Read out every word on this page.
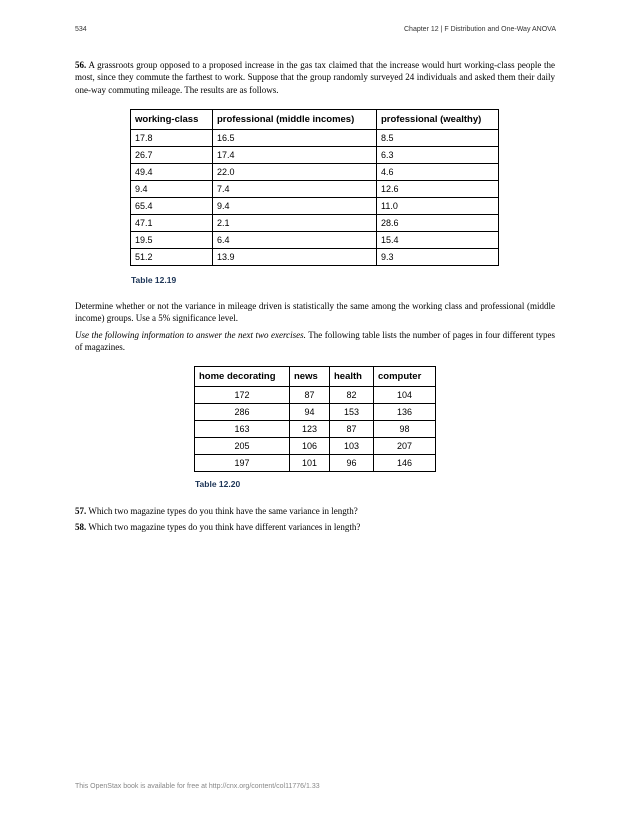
534	Chapter 12 | F Distribution and One-Way ANOVA
56. A grassroots group opposed to a proposed increase in the gas tax claimed that the increase would hurt working-class people the most, since they commute the farthest to work. Suppose that the group randomly surveyed 24 individuals and asked them their daily one-way commuting mileage. The results are as follows.
working-class	professional (middle incomes)	professional (wealthy)
17.8	16.5	8.5
26.7	17.4	6.3
49.4	22.0	4.6
9.4	7.4	12.6
65.4	9.4	11.0
47.1	2.1	28.6
19.5	6.4	15.4
51.2	13.9	9.3
Table 12.19
Determine whether or not the variance in mileage driven is statistically the same among the working class and professional (middle income) groups. Use a 5% significance level.
Use the following information to answer the next two exercises. The following table lists the number of pages in four different types of magazines.
home decorating	news	health	computer
172	87	82	104
286	94	153	136
163	123	87	98
205	106	103	207
197	101	96	146
Table 12.20
57. Which two magazine types do you think have the same variance in length?
58. Which two magazine types do you think have different variances in length?
This OpenStax book is available for free at http://cnx.org/content/col11776/1.33
